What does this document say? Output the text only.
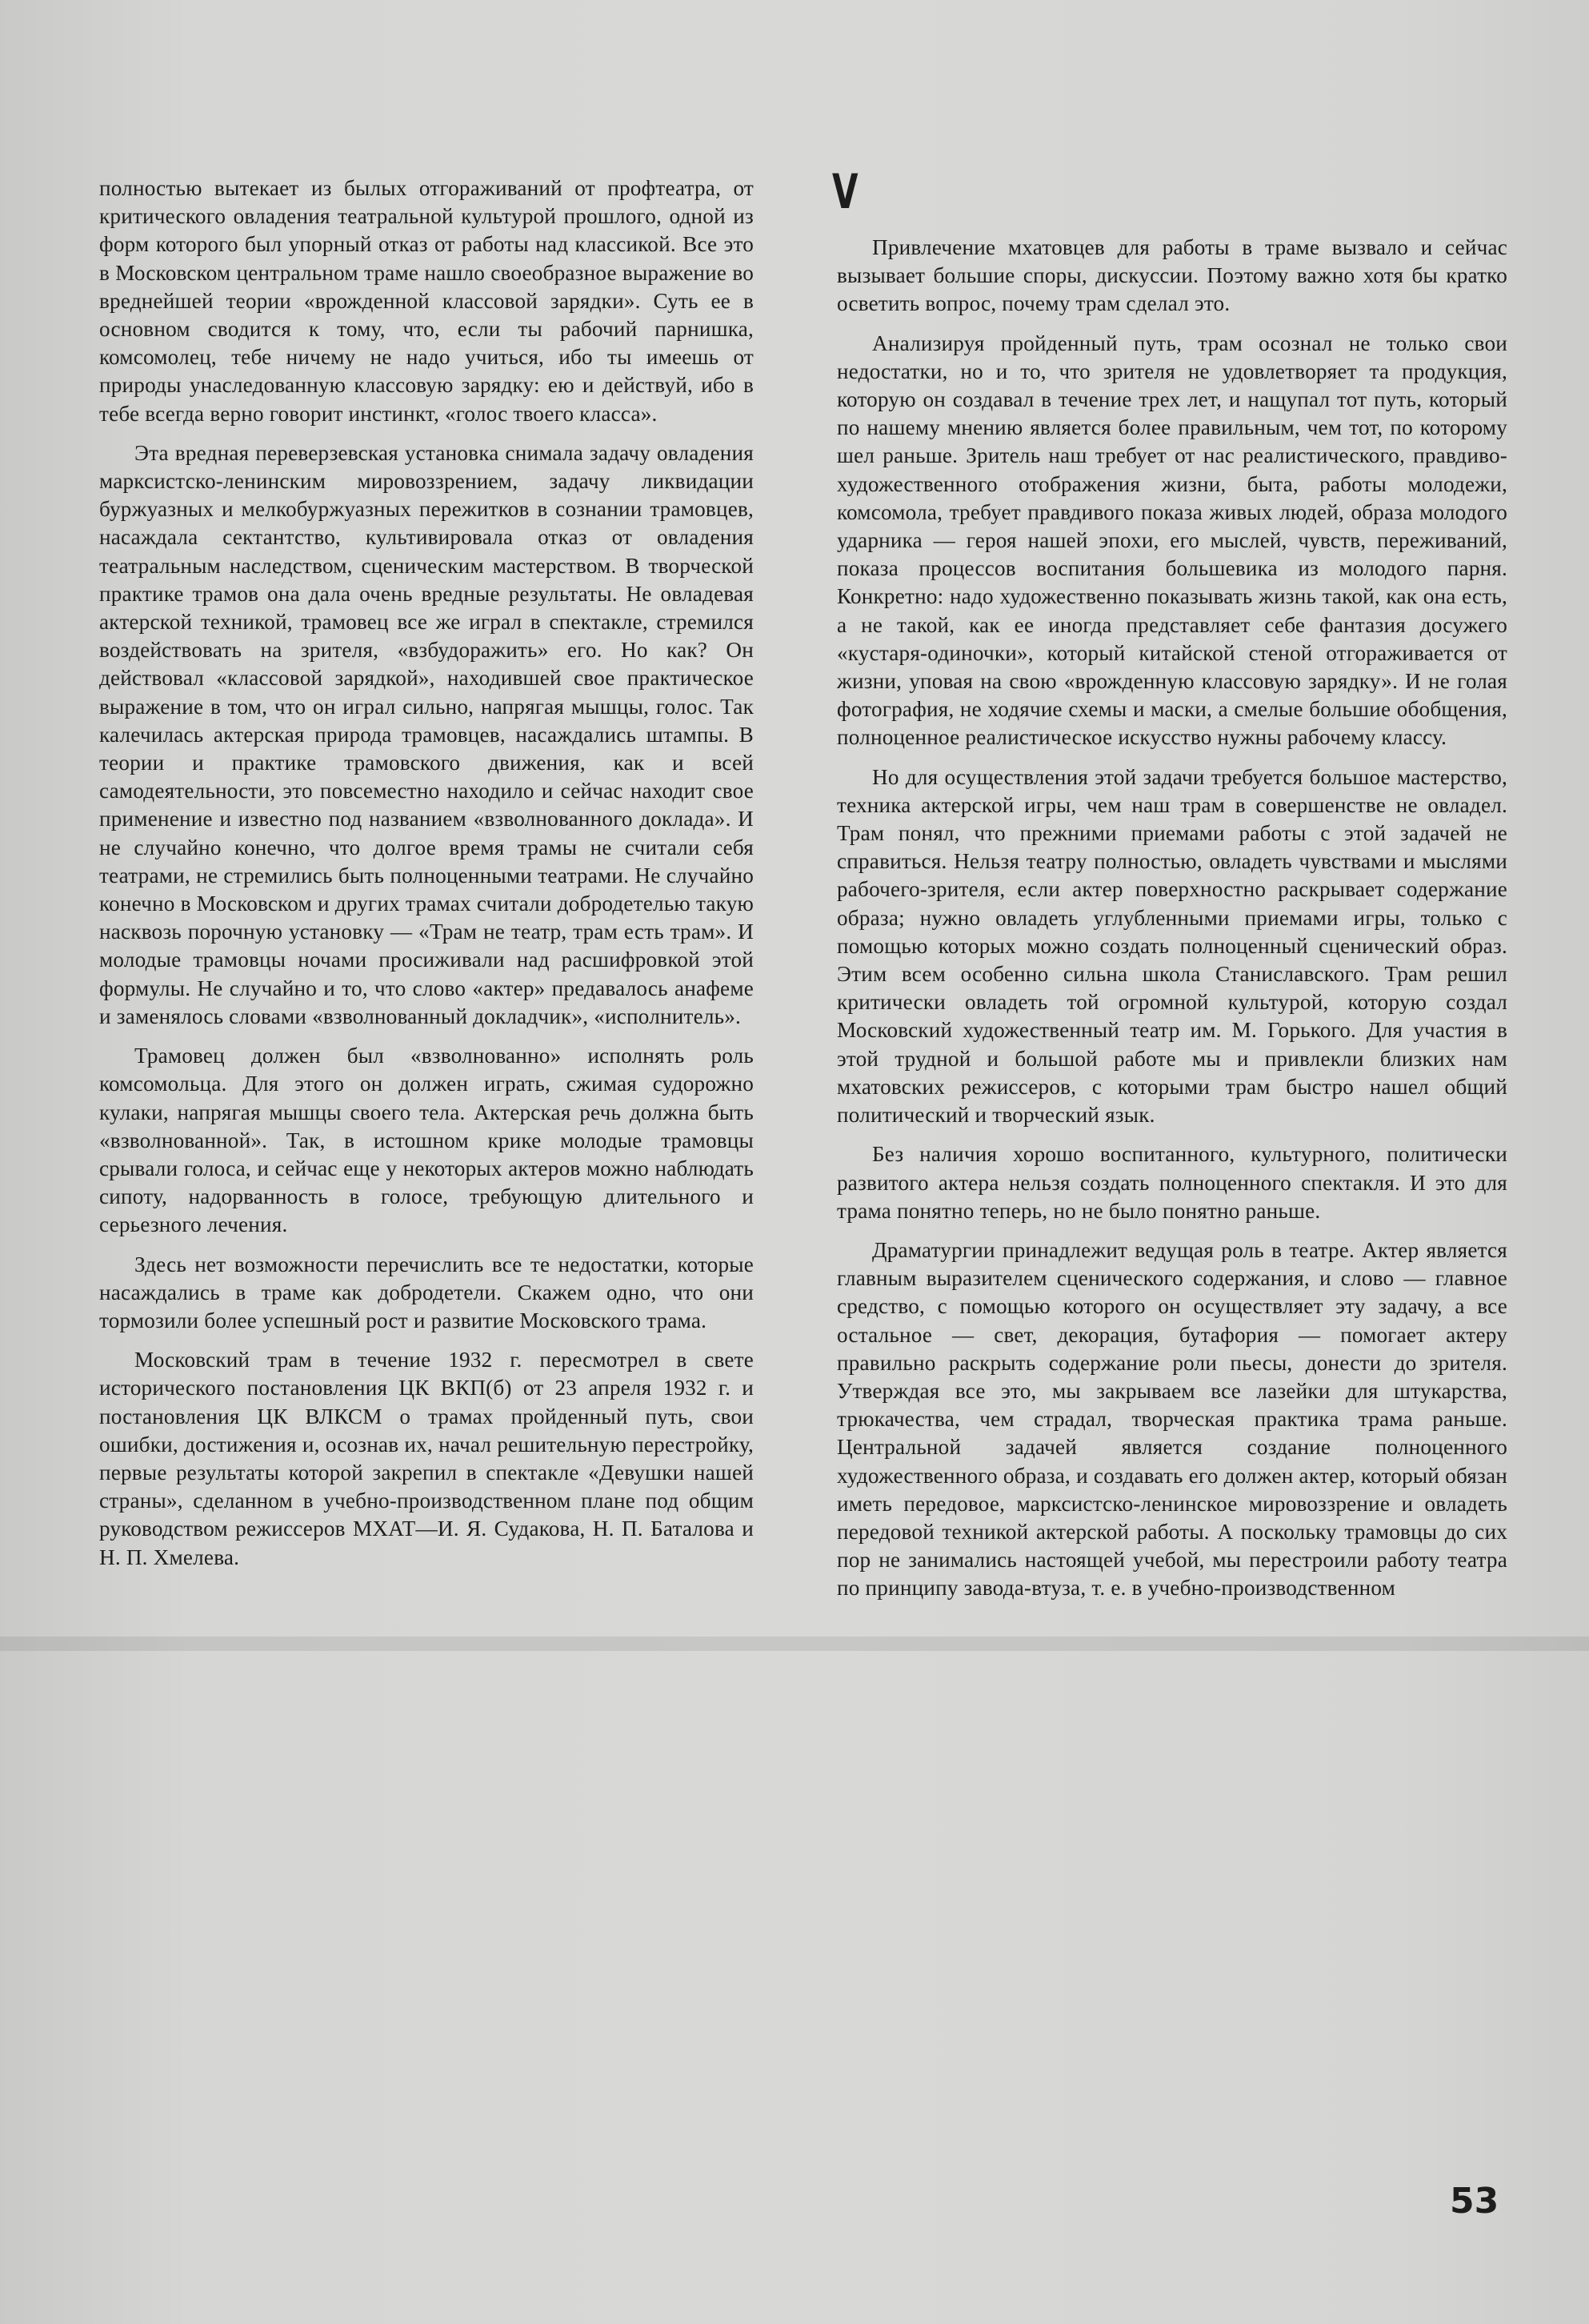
полностью вытекает из былых отгораживаний от профтеатра, от критического овладения театральной культурой прошлого, одной из форм которого был упорный отказ от работы над классикой. Все это в Московском центральном траме нашло своеобразное выражение во вреднейшей теории «врожденной классовой зарядки». Суть ее в основном сводится к тому, что, если ты рабочий парнишка, комсомолец, тебе ничему не надо учиться, ибо ты имеешь от природы унаследованную классовую зарядку: ею и действуй, ибо в тебе всегда верно говорит инстинкт, «голос твоего класса».

Эта вредная переверзевская установка снимала задачу овладения марксистско-ленинским мировоззрением, задачу ликвидации буржуазных и мелкобуржуазных пережитков в сознании трамовцев, насаждала сектантство, культивировала отказ от овладения театральным наследством, сценическим мастерством. В творческой практике трамов она дала очень вредные результаты. Не овладевая актерской техникой, трамовец все же играл в спектакле, стремился воздействовать на зрителя, «взбудоражить» его. Но как? Он действовал «классовой зарядкой», находившей свое практическое выражение в том, что он играл сильно, напрягая мышцы, голос. Так калечилась актерская природа трамовцев, насаждались штампы. В теории и практике трамовского движения, как и всей самодеятельности, это повсеместно находило и сейчас находит свое применение и известно под названием «взволнованного доклада». И не случайно конечно, что долгое время трамы не считали себя театрами, не стремились быть полноценными театрами. Не случайно конечно в Московском и других трамах считали добродетелью такую насквозь порочную установку — «Трам не театр, трам есть трам». И молодые трамовцы ночами просиживали над расшифровкой этой формулы. Не случайно и то, что слово «актер» предавалось анафеме и заменялось словами «взволнованный докладчик», «исполнитель».

Трамовец должен был «взволнованно» исполнять роль комсомольца. Для этого он должен играть, сжимая судорожно кулаки, напрягая мышцы своего тела. Актерская речь должна быть «взволнованной». Так, в истошном крике молодые трамовцы срывали голоса, и сейчас еще у некоторых актеров можно наблюдать сипоту, надорванность в голосе, требующую длительного и серьезного лечения.

Здесь нет возможности перечислить все те недостатки, которые насаждались в траме как добродетели. Скажем одно, что они тормозили более успешный рост и развитие Московского трама.

Московский трам в течение 1932 г. пересмотрел в свете исторического постановления ЦК ВКП(б) от 23 апреля 1932 г. и постановления ЦК ВЛКСМ о трамах пройденный путь, свои ошибки, достижения и, осознав их, начал решительную перестройку, первые результаты которой закрепил в спектакле «Девушки нашей страны», сделанном в учебно-производственном плане под общим руководством режиссеров МХАТ—И. Я. Судакова, Н. П. Баталова и Н. П. Хмелева.

V

Привлечение мхатовцев для работы в траме вызвало и сейчас вызывает большие споры, дискуссии. Поэтому важно хотя бы кратко осветить вопрос, почему трам сделал это.

Анализируя пройденный путь, трам осознал не только свои недостатки, но и то, что зрителя не удовлетворяет та продукция, которую он создавал в течение трех лет, и нащупал тот путь, который по нашему мнению является более правильным, чем тот, по которому шел раньше. Зритель наш требует от нас реалистического, правдиво-художественного отображения жизни, быта, работы молодежи, комсомола, требует правдивого показа живых людей, образа молодого ударника — героя нашей эпохи, его мыслей, чувств, переживаний, показа процессов воспитания большевика из молодого парня. Конкретно: надо художественно показывать жизнь такой, как она есть, а не такой, как ее иногда представляет себе фантазия досужего «кустаря-одиночки», который китайской стеной отгораживается от жизни, уповая на свою «врожденную классовую зарядку». И не голая фотография, не ходячие схемы и маски, а смелые большие обобщения, полноценное реалистическое искусство нужны рабочему классу.

Но для осуществления этой задачи требуется большое мастерство, техника актерской игры, чем наш трам в совершенстве не овладел. Трам понял, что прежними приемами работы с этой задачей не справиться. Нельзя театру полностью, овладеть чувствами и мыслями рабочего-зрителя, если актер поверхностно раскрывает содержание образа; нужно овладеть углубленными приемами игры, только с помощью которых можно создать полноценный сценический образ. Этим всем особенно сильна школа Станиславского. Трам решил критически овладеть той огромной культурой, которую создал Московский художественный театр им. М. Горького. Для участия в этой трудной и большой работе мы и привлекли близких нам мхатовских режиссеров, с которыми трам быстро нашел общий политический и творческий язык.

Без наличия хорошо воспитанного, культурного, политически развитого актера нельзя создать полноценного спектакля. И это для трама понятно теперь, но не было понятно раньше.

Драматургии принадлежит ведущая роль в театре. Актер является главным выразителем сценического содержания, и слово — главное средство, с помощью которого он осуществляет эту задачу, а все остальное — свет, декорация, бутафория — помогает актеру правильно раскрыть содержание роли пьесы, донести до зрителя. Утверждая все это, мы закрываем все лазейки для штукарства, трюкачества, чем страдал, творческая практика трама раньше. Центральной задачей является создание полноценного художественного образа, и создавать его должен актер, который обязан иметь передовое, марксистско-ленинское мировоззрение и овладеть передовой техникой актерской работы. А поскольку трамовцы до сих пор не занимались настоящей учебой, мы перестроили работу театра по принципу завода-втуза, т. е. в учебно-производственном

53
